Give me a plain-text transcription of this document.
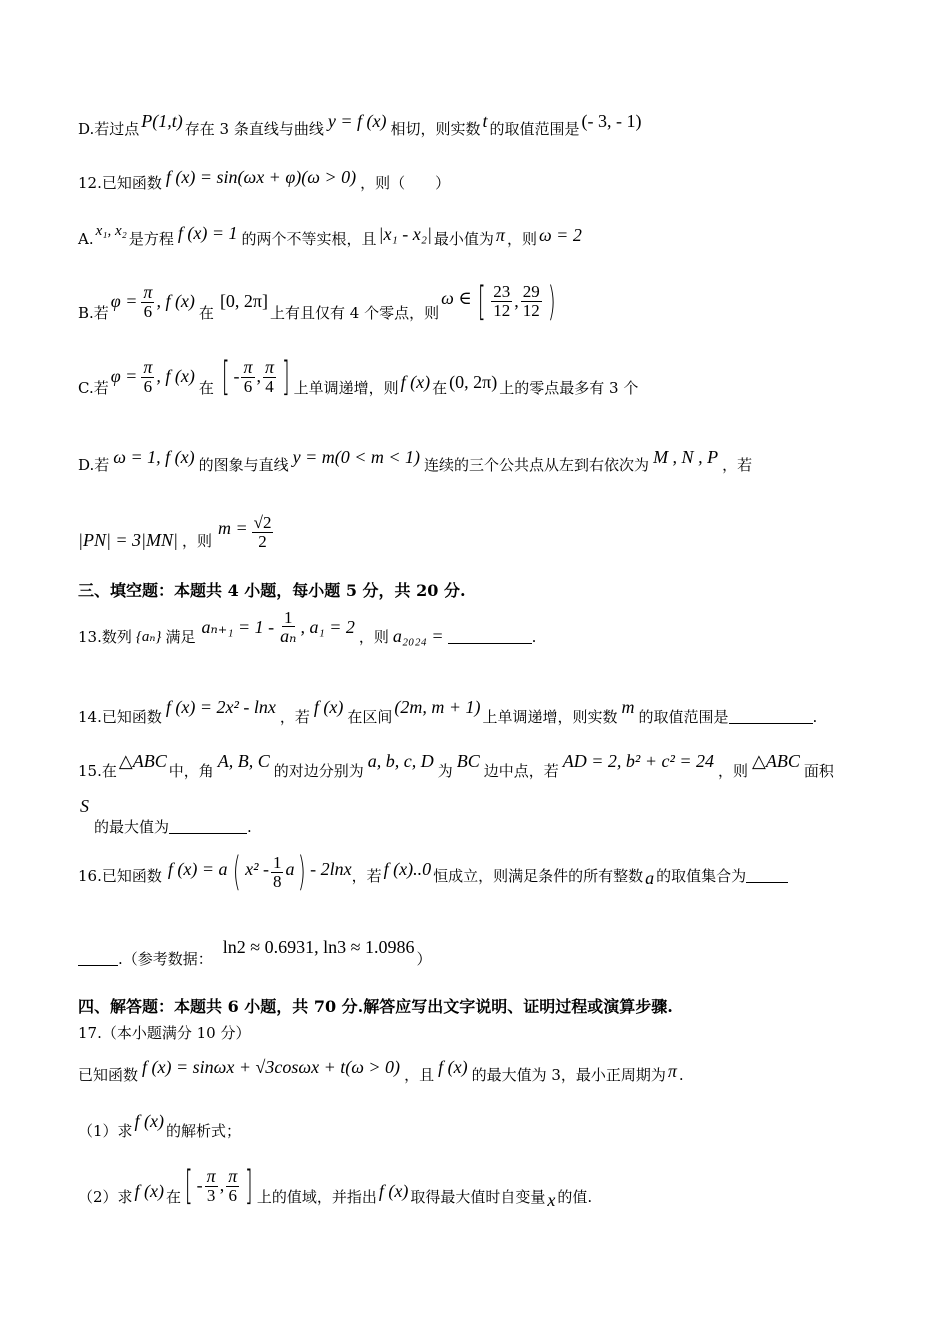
D.若过点 P(1,t) 存在 3 条直线与曲线 y = f (x) 相切，则实数 t 的取值范围是 (- 3, - 1)
12.已知函数 f (x) = sin(ωx + φ)(ω > 0) ，则（　　）
A. x₁, x₂ 是方程 f (x) = 1 的两个不等实根，且 |x₁ - x₂| 最小值为 π ，则 ω = 2
B.若
$\varphi = \frac{\pi}{6}$ , f (x)
在
[0, 2π]
上有且仅有 4 个零点，则
ω ∈ [ $\frac{23}{12}$ , $\frac{29}{12}$ )
C.若
$\varphi = \frac{\pi}{6}$ , f (x)
在 [ - $\frac{\pi}{6}$ , $\frac{\pi}{4}$ ] 上单调递增，则 f (x) 在 (0, 2π) 上的零点最多有 3 个
D.若 ω = 1, f (x) 的图象与直线 y = m(0 < m < 1) 连续的三个公共点从左到右依次为 M , N , P ，若
|PN| = 3|MN| ，则
$m = \frac{√2}{2}$
三、填空题：本题共 4 小题，每小题 5 分，共 20 分.
13.数列 {aₙ} 满足 $a_{n+1} = 1 - \frac{1}{\text{aₙ}}$ , a₁ = 2 ，则 a₂₀₂₄ =	.
14.已知函数 f (x) = 2x² - lnx ，若 f (x) 在区间 (2m, m + 1) 上单调递增，则实数 m 的取值范围是	.
15.在 △ABC 中，角 A, B, C 的对边分别为 a, b, c, D 为 BC 边中点，若 AD = 2, b² + c² = 24 ，则 △ABC 面积
S
的最大值为	.
16.已知函数 f (x) = a ( $x^2 - \frac{1}{8}$ a ) - 2lnx ，若 f (x)..0 恒成立，则满足条件的所有整数 a 的取值集合为
.（参考数据：
ln2 ≈ 0.6931, ln3 ≈ 1.0986
）
四、解答题：本题共 6 小题，共 70 分.解答应写出文字说明、证明过程或演算步骤.
17.（本小题满分 10 分）
已知函数 f (x) = sinωx + √3cosωx + t(ω > 0) ，且 f (x) 的最大值为 3，最小正周期为 π .
（1）求 f (x) 的解析式；
（2）求 f (x) 在 [ - $\frac{\pi}{3}$ , $\frac{\pi}{6}$ ] 上的值域，并指出 f (x) 取得最大值时自变量 x 的值.
